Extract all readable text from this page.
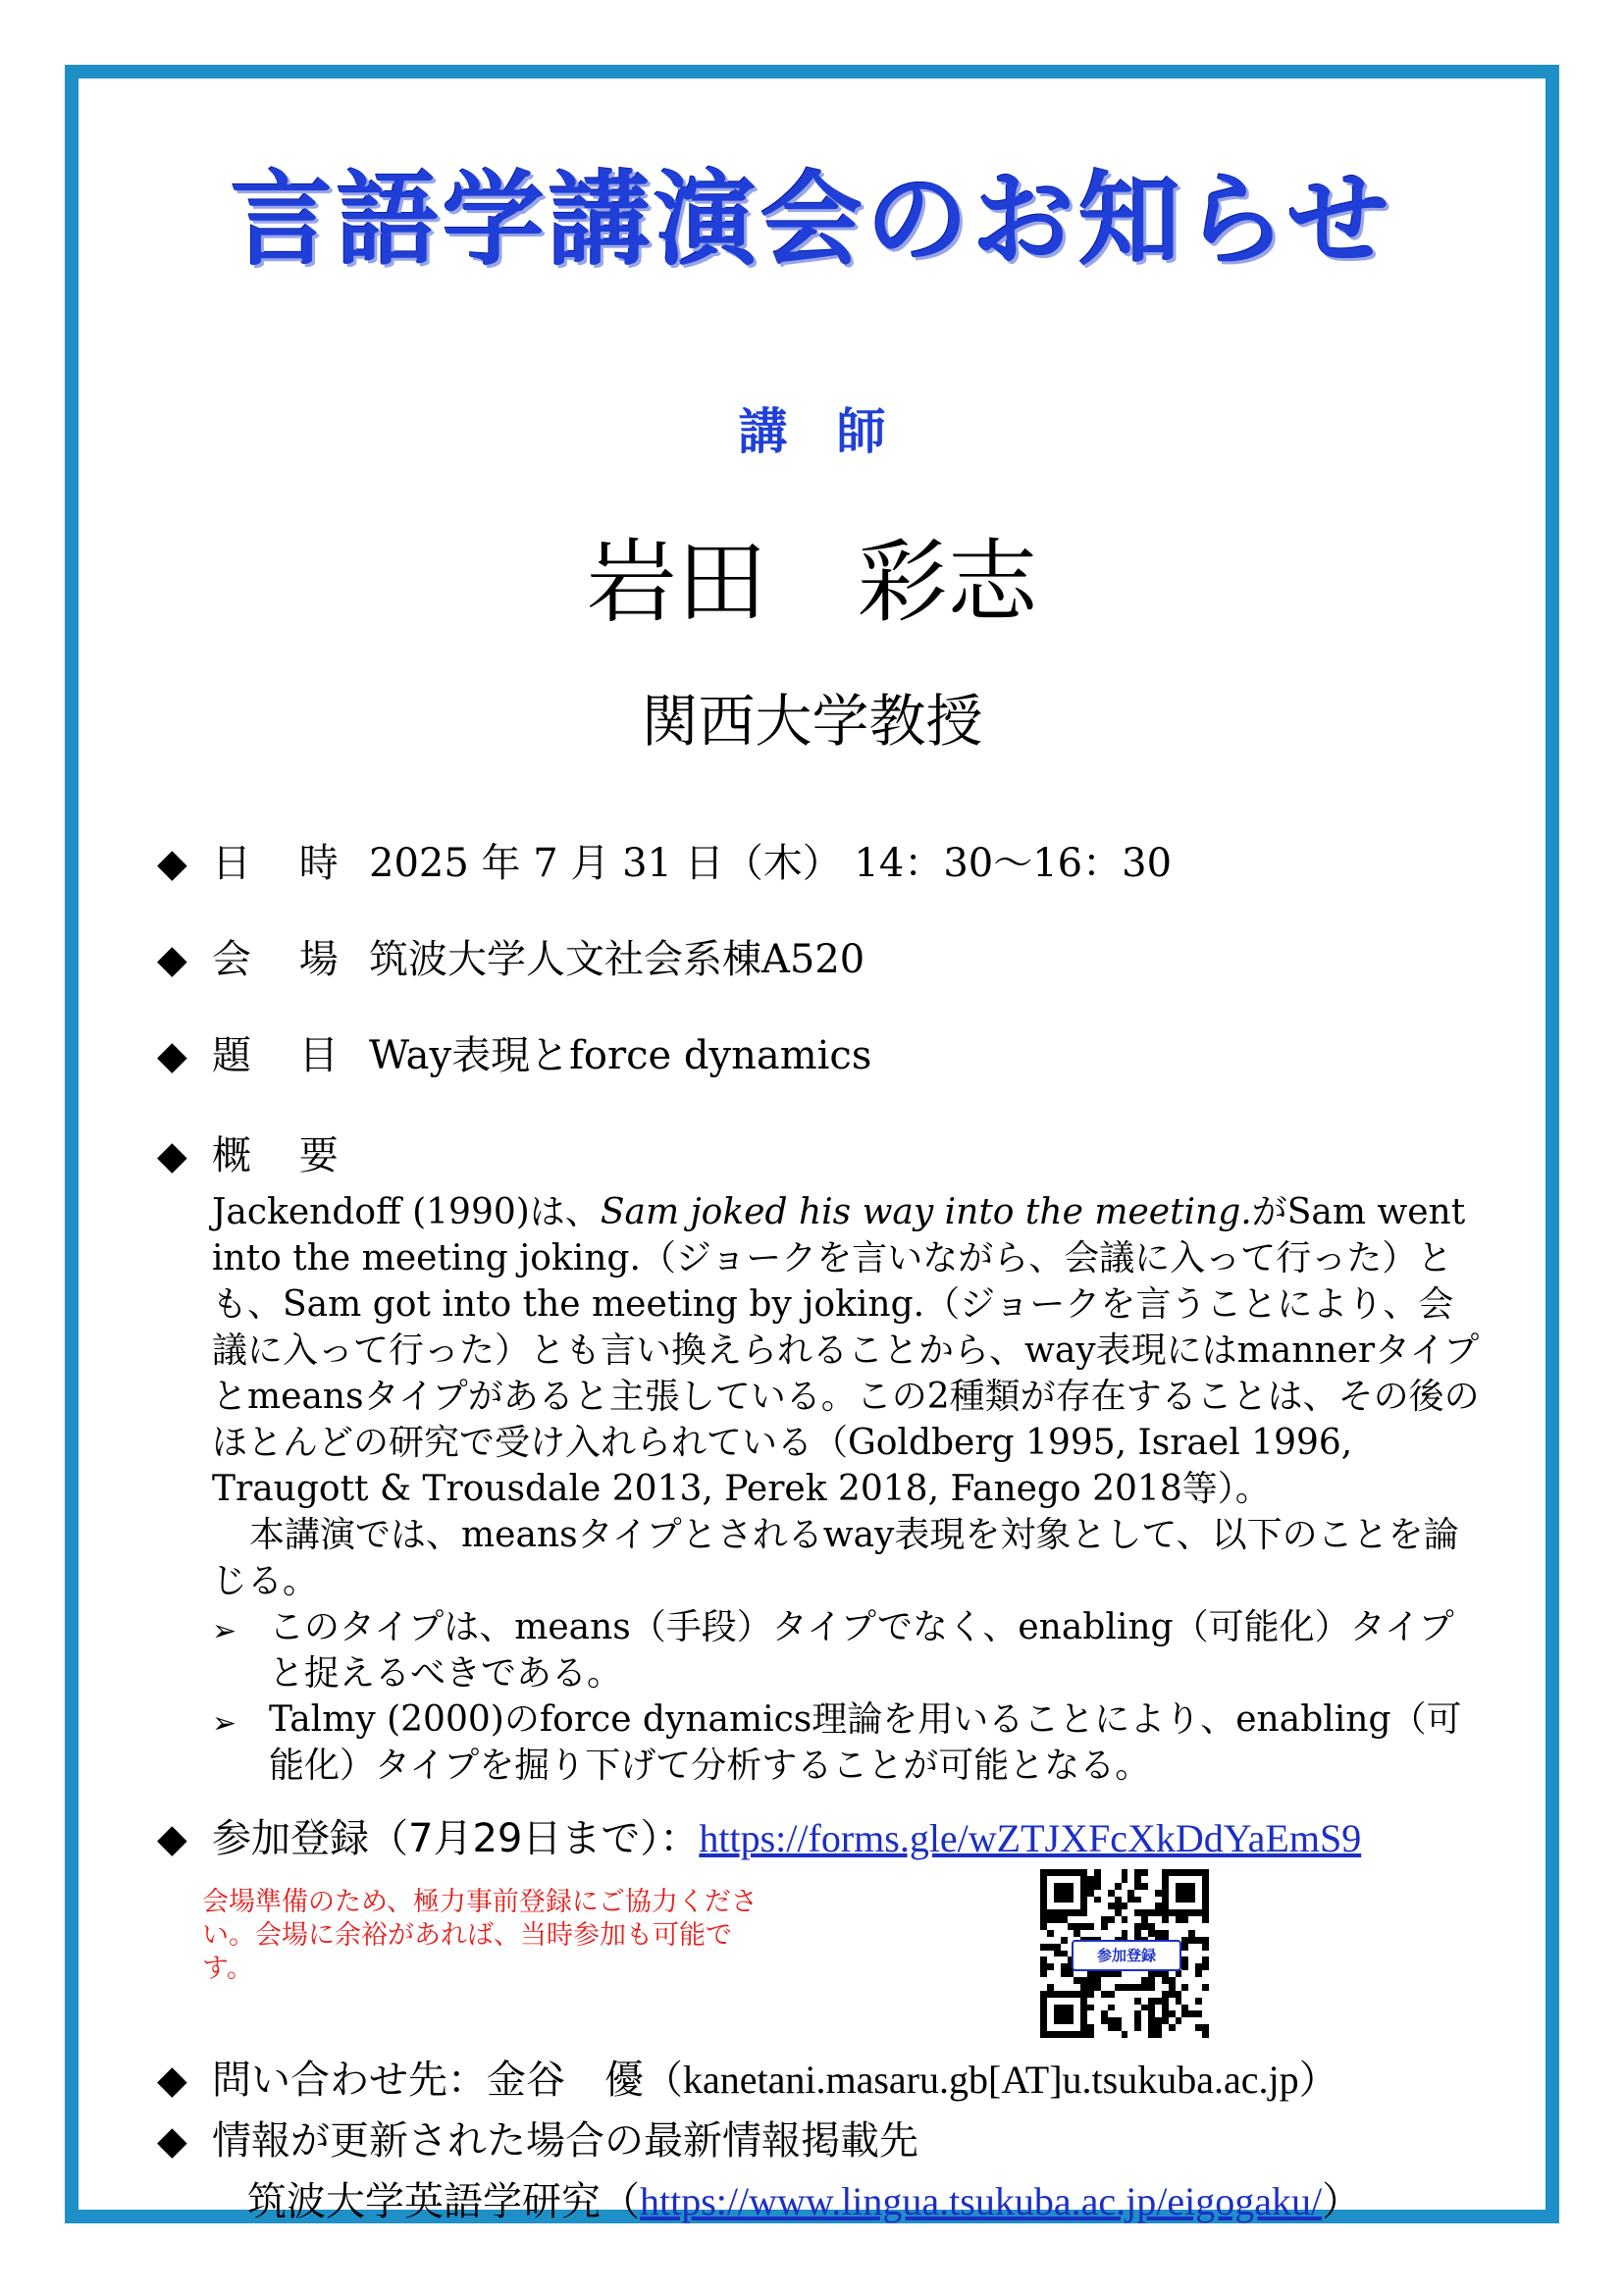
言語学講演会のお知らせ
講　師
岩田　彩志
関西大学教授
◆ 日 時 2025 年 7 月 31 日（木） 14：30～16：30
◆ 会 場 筑波大学人文社会系棟A520
◆ 題 目 Way表現とforce dynamics
◆ 概 要

Jackendoff (1990)は、Sam joked his way into the meeting.がSam went into the meeting joking.（ジョークを言いながら、会議に入って行った）とも、Sam got into the meeting by joking.（ジョークを言うことにより、会議に入って行った）とも言い換えられることから、way表現にはmannerタイプとmeansタイプがあると主張している。この2種類が存在することは、その後のほとんどの研究で受け入れられている（Goldberg 1995, Israel 1996, Traugott & Trousdale 2013, Perek 2018, Fanego 2018等）。

本講演では、meansタイプとされるway表現を対象として、以下のことを論じる。

➢ このタイプは、means（手段）タイプでなく、enabling（可能化）タイプと捉えるべきである。
➢ Talmy (2000)のforce dynamics理論を用いることにより、enabling（可能化）タイプを掘り下げて分析することが可能となる。
◆ 参加登録（7月29日まで）：https://forms.gle/wZTJXFcXkDdYaEmS9
会場準備のため、極力事前登録にご協力ください。会場に余裕があれば、当時参加も可能です。	参加登録
◆ 問い合わせ先：金谷　優（kanetani.masaru.gb[AT]u.tsukuba.ac.jp）
◆ 情報が更新された場合の最新情報掲載先
筑波大学英語学研究（https://www.lingua.tsukuba.ac.jp/eigogaku/）
